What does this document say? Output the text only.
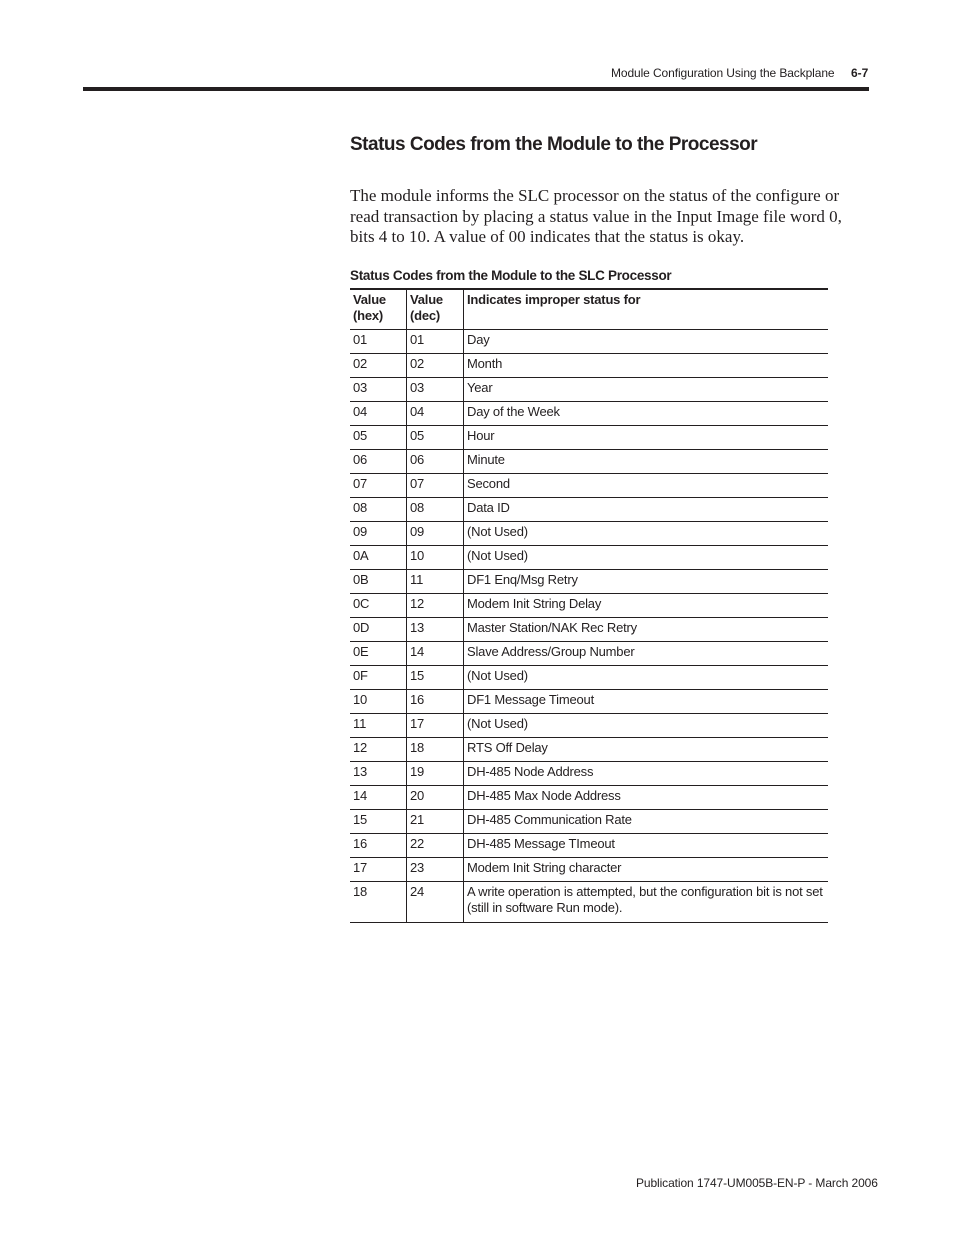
Module Configuration Using the Backplane 6-7
Status Codes from the Module to the Processor
The module informs the SLC processor on the status of the configure or read transaction by placing a status value in the Input Image file word 0, bits 4 to 10. A value of 00 indicates that the status is okay.
Status Codes from the Module to the SLC Processor
Value (hex)	Value (dec)	Indicates improper status for
01	01	Day
02	02	Month
03	03	Year
04	04	Day of the Week
05	05	Hour
06	06	Minute
07	07	Second
08	08	Data ID
09	09	(Not Used)
0A	10	(Not Used)
0B	11	DF1 Enq/Msg Retry
0C	12	Modem Init String Delay
0D	13	Master Station/NAK Rec Retry
0E	14	Slave Address/Group Number
0F	15	(Not Used)
10	16	DF1 Message Timeout
11	17	(Not Used)
12	18	RTS Off Delay
13	19	DH-485 Node Address
14	20	DH-485 Max Node Address
15	21	DH-485 Communication Rate
16	22	DH-485 Message TImeout
17	23	Modem Init String character
18	24	A write operation is attempted, but the configuration bit is not set (still in software Run mode).
Publication 1747-UM005B-EN-P - March 2006
